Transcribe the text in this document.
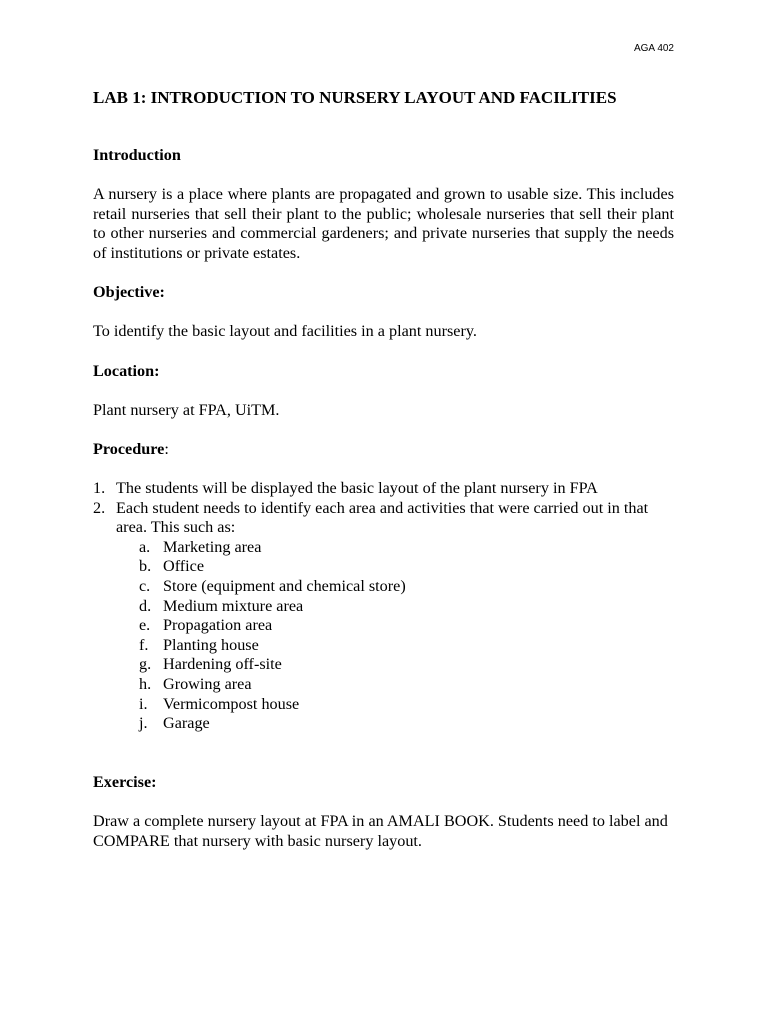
AGA 402
LAB 1: INTRODUCTION TO NURSERY LAYOUT AND FACILITIES
Introduction

A nursery is a place where plants are propagated and grown to usable size. This includes retail nurseries that sell their plant to the public; wholesale nurseries that sell their plant to other nurseries and commercial gardeners; and private nurseries that supply the needs of institutions or private estates.

Objective:

To identify the basic layout and facilities in a plant nursery.

Location:

Plant nursery at FPA, UiTM.

Procedure:
1. The students will be displayed the basic layout of the plant nursery in FPA
2. Each student needs to identify each area and activities that were carried out in that area. This such as:
a. Marketing area
b. Office
c. Store (equipment and chemical store)
d. Medium mixture area
e. Propagation area
f. Planting house
g. Hardening off-site
h. Growing area
i. Vermicompost house
j. Garage
Exercise:

Draw a complete nursery layout at FPA in an AMALI BOOK. Students need to label and COMPARE that nursery with basic nursery layout.
